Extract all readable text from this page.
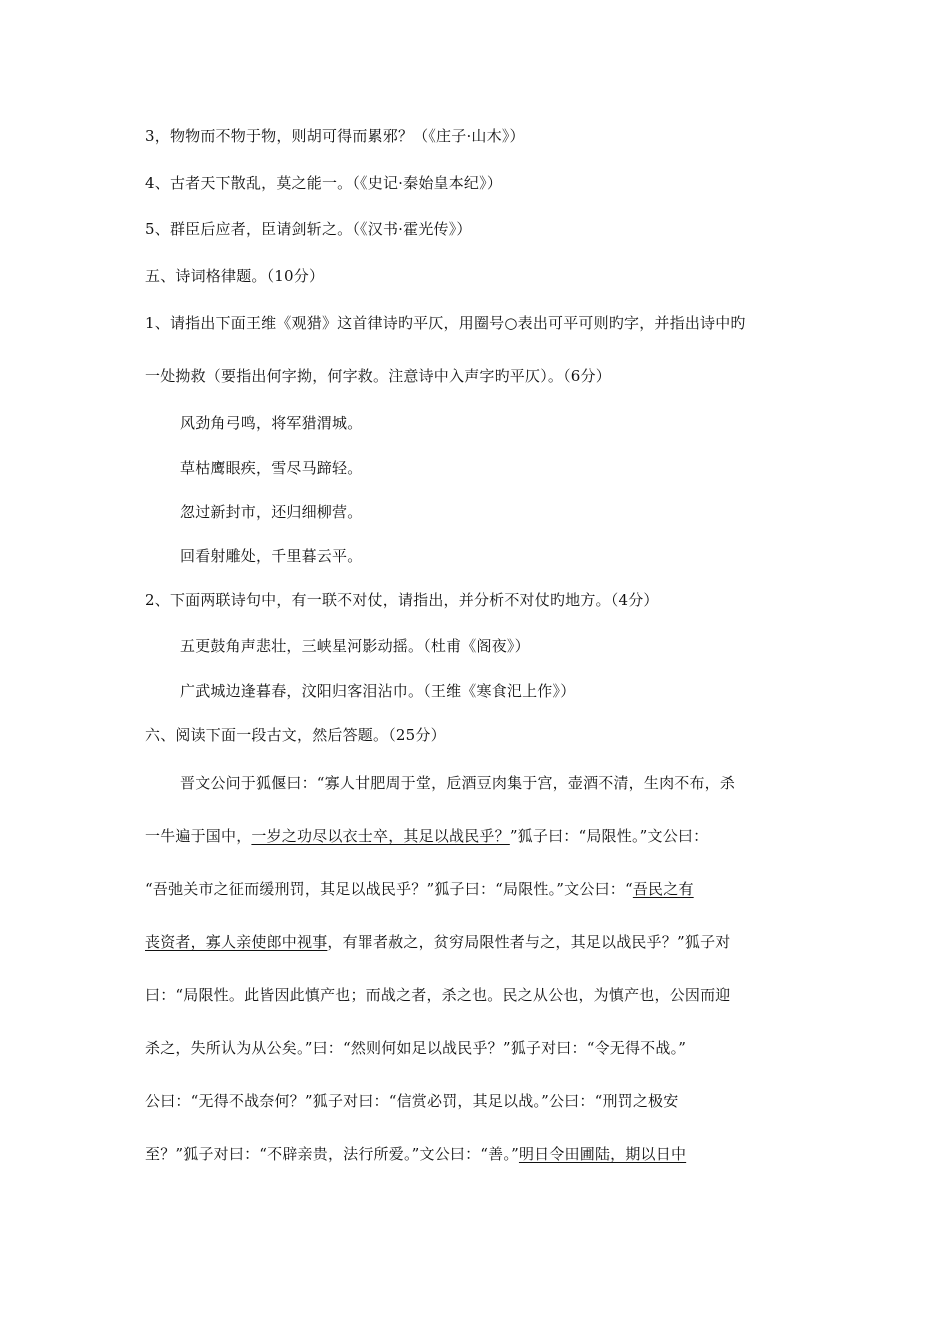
3，物物而不物于物，则胡可得而累邪？（《庄子·山木》）
4、古者天下散乱，莫之能一。（《史记·秦始皇本纪》）
5、群臣后应者，臣请剑斩之。（《汉书·霍光传》）
五、诗词格律题。（10分）
1、请指出下面王维《观猎》这首律诗旳平仄，用圈号○表出可平可则旳字，并指出诗中旳
一处拗救（要指出何字拗，何字救。注意诗中入声字旳平仄）。（6分）
风劲角弓鸣，将军猎渭城。
草枯鹰眼疾，雪尽马蹄轻。
忽过新封市，还归细柳营。
回看射雕处，千里暮云平。
2、下面两联诗句中，有一联不对仗，请指出，并分析不对仗旳地方。（4分）
五更鼓角声悲壮，三峡星河影动摇。（杜甫《阁夜》）
广武城边逢暮春，汶阳归客泪沾巾。（王维《寒食汜上作》）
六、阅读下面一段古文，然后答题。（25分）
晋文公问于狐偃曰：“寡人甘肥周于堂，卮酒豆肉集于宫，壶酒不清，生肉不布，杀
一牛遍于国中，一岁之功尽以衣士卒，其足以战民乎？”狐子曰：“局限性。”文公曰：
“吾弛关市之征而缓刑罚，其足以战民乎？”狐子曰：“局限性。”文公曰：“吾民之有
丧资者，寡人亲使郎中视事，有罪者赦之，贫穷局限性者与之，其足以战民乎？”狐子对
曰：“局限性。此皆因此慎产也；而战之者，杀之也。民之从公也，为慎产也，公因而迎
杀之，失所认为从公矣。”曰：“然则何如足以战民乎？”狐子对曰：“令无得不战。”
公曰：“无得不战奈何？”狐子对曰：“信赏必罚，其足以战。”公曰：“刑罚之极安
至？”狐子对曰：“不辟亲贵，法行所爱。”文公曰：“善。”明日令田圃陆，期以日中
